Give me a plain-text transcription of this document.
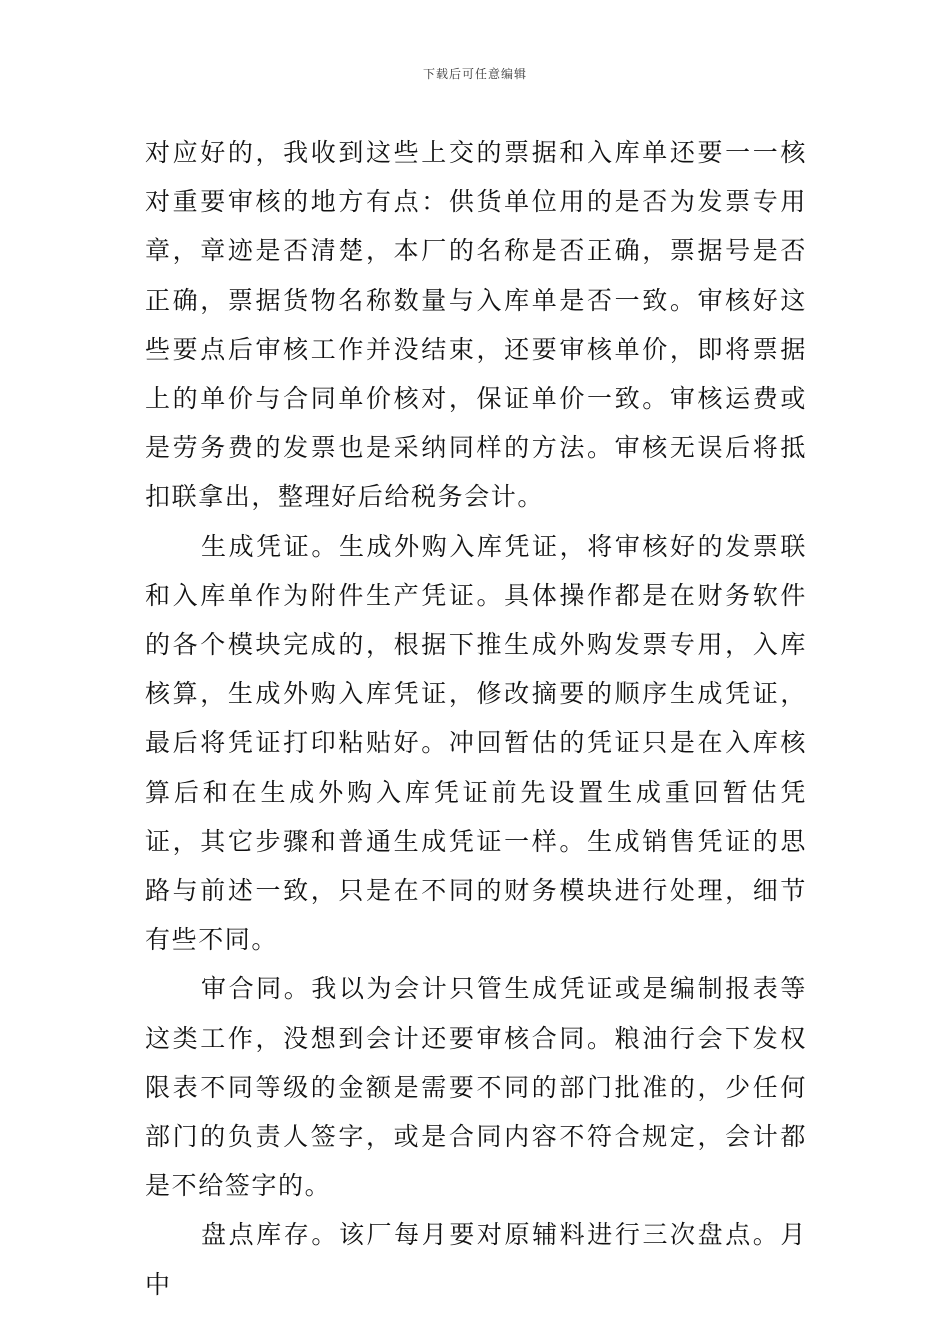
下载后可任意编辑

对应好的，我收到这些上交的票据和入库单还要一一核对重要审核的地方有点：供货单位用的是否为发票专用章，章迹是否清楚，本厂的名称是否正确，票据号是否正确，票据货物名称数量与入库单是否一致。审核好这些要点后审核工作并没结束，还要审核单价，即将票据上的单价与合同单价核对，保证单价一致。审核运费或是劳务费的发票也是采纳同样的方法。审核无误后将抵扣联拿出，整理好后给税务会计。

生成凭证。生成外购入库凭证，将审核好的发票联和入库单作为附件生产凭证。具体操作都是在财务软件的各个模块完成的，根据下推生成外购发票专用，入库核算，生成外购入库凭证，修改摘要的顺序生成凭证，最后将凭证打印粘贴好。冲回暂估的凭证只是在入库核算后和在生成外购入库凭证前先设置生成重回暂估凭证，其它步骤和普通生成凭证一样。生成销售凭证的思路与前述一致，只是在不同的财务模块进行处理，细节有些不同。

审合同。我以为会计只管生成凭证或是编制报表等这类工作，没想到会计还要审核合同。粮油行会下发权限表不同等级的金额是需要不同的部门批准的，少任何部门的负责人签字，或是合同内容不符合规定，会计都是不给签字的。

盘点库存。该厂每月要对原辅料进行三次盘点。月中
